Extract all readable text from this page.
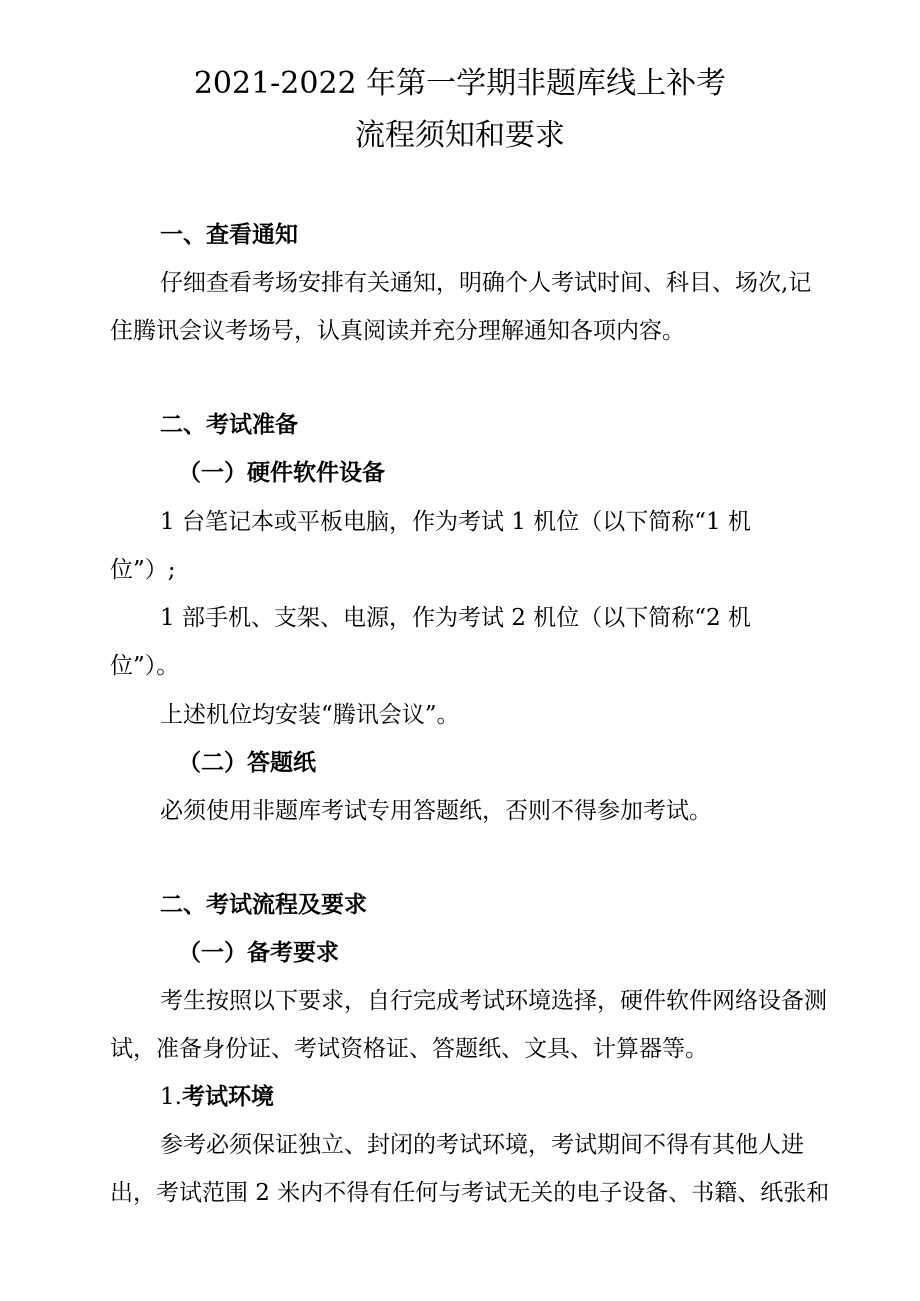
2021-2022 年第一学期非题库线上补考
流程须知和要求
一、查看通知
仔细查看考场安排有关通知，明确个人考试时间、科目、场次,记
住腾讯会议考场号，认真阅读并充分理解通知各项内容。
二、考试准备
（一）硬件软件设备
1 台笔记本或平板电脑，作为考试 1 机位（以下简称“1 机
位”）;
1 部手机、支架、电源，作为考试 2 机位（以下简称“2 机
位”）。
上述机位均安装“腾讯会议”。
（二）答题纸
必须使用非题库考试专用答题纸，否则不得参加考试。
二、考试流程及要求
（一）备考要求
考生按照以下要求，自行完成考试环境选择，硬件软件网络设备测
试，准备身份证、考试资格证、答题纸、文具、计算器等。
1.考试环境
参考必须保证独立、封闭的考试环境，考试期间不得有其他人进
出，考试范围 2 米内不得有任何与考试无关的电子设备、书籍、纸张和
